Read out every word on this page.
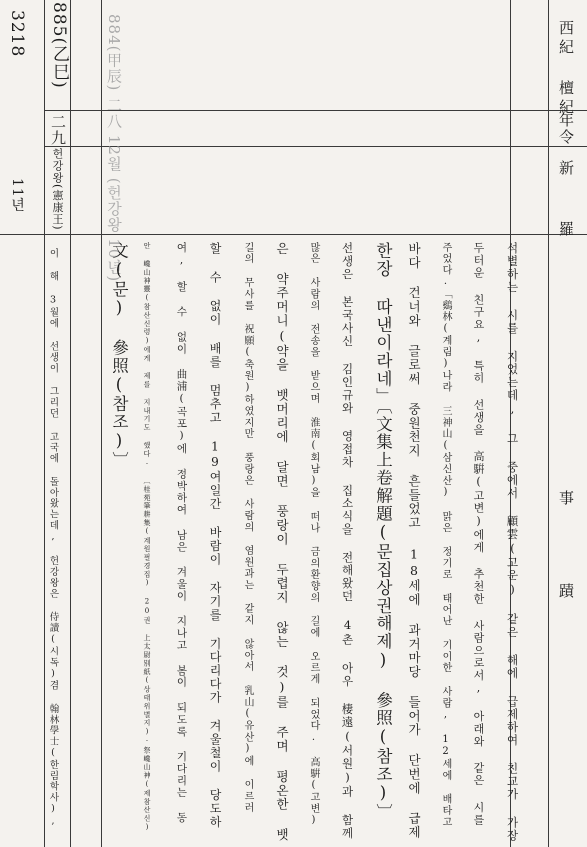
884(甲辰) 二八 12월 (헌강왕 10년)	西紀 檀紀
年令
新 羅
事 蹟
885(乙巳)
3218
二九
헌강왕(憲康王)
11년
석별하는 시를 지었는데, 그 중에서 顧雲(고운) 같은 해에 급제하여 친교가 가장
두터운 친구요, 특히 선생을 高騈(고변)에게 추천한 사람으로서, 아래와 같은 시를
주었다.「鷄林(계림)나라 三神山(삼신산) 맑은 정기로 태어난 기이한 사람, 12세에 배타고
바다 건너와 글로써 중원천지 흔들었고 18세에 과거마당 들어가 단번에 급제
한장 따낸이라네」〔文集上卷解題(문집상권해제) 參照(참조)〕
선생은 본국사신 김인규와 영접차 집소식을 전해왔던 4촌 아우 棲遠(서원)과 함께
많은 사람의 전송을 받으며 淮南(회남)을 떠나 금의환향의 길에 오르게 되었다. 高騈(고변)
은 약주머니(약을 뱃머리에 달면 풍랑이 두렵지 않는 것)를 주며 평온한 뱃
길의 무사를 祝願(축원)하였지만 풍랑은 사람의 염원과는 같지 않아서 乳山(유산)에 이르러
할 수 없이 배를 멈추고 19여일간 바람이 자기를 기다리다가 겨울철이 당도하
여, 할 수 없이 曲浦(곡포)에 정박하여 남은 겨울이 지나고 봄이 되도록 기다리는 동
안 巉山神靈(참산신령)에게 제를 지내기도 했다. 〔桂苑筆耕集(계원필경집) 20권 上太尉別紙(상태위별지)·祭巉山神(제참산신)
文(문) 參照(참조)〕
이 해 3월에 선생이 그리던 고국에 돌아왔는데, 헌강왕은 侍讀(시독)겸 翰林學士(한림학사),
